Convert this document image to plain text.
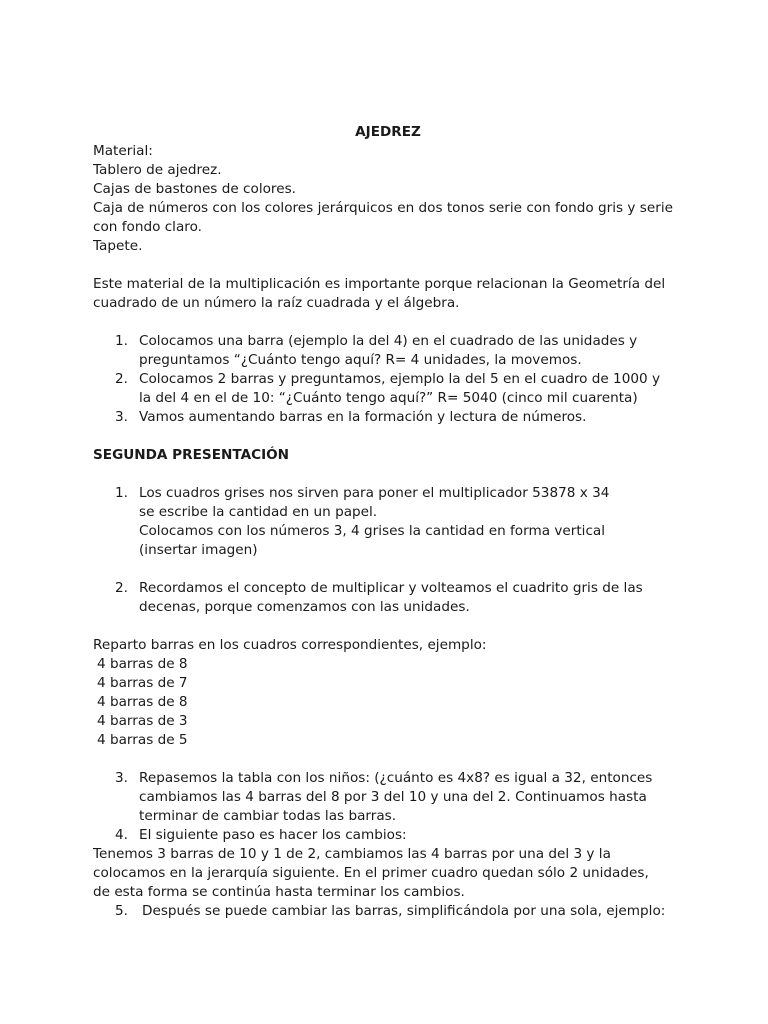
AJEDREZ
Material:
Tablero de ajedrez.
Cajas de bastones de colores.
Caja de números con los colores jerárquicos en dos tonos serie con fondo gris y serie
con fondo claro.
Tapete.
Este material de la multiplicación es importante porque relacionan la Geometría del
cuadrado de un número la raíz cuadrada y el álgebra.
1. Colocamos una barra (ejemplo la del 4) en el cuadrado de las unidades y
preguntamos “¿Cuánto tengo aquí? R= 4 unidades, la movemos.
2. Colocamos 2 barras y preguntamos, ejemplo la del 5 en el cuadro de 1000 y
la del 4 en el de 10: “¿Cuánto tengo aquí?” R= 5040 (cinco mil cuarenta)
3. Vamos aumentando barras en la formación y lectura de números.
SEGUNDA PRESENTACIÓN
1. Los cuadros grises nos sirven para poner el multiplicador 53878 x 34
se escribe la cantidad en un papel.
Colocamos con los números 3, 4 grises la cantidad en forma vertical
(insertar imagen)
2. Recordamos el concepto de multiplicar y volteamos el cuadrito gris de las
decenas, porque comenzamos con las unidades.
Reparto barras en los cuadros correspondientes, ejemplo:
4 barras de 8
4 barras de 7
4 barras de 8
4 barras de 3
4 barras de 5
3. Repasemos la tabla con los niños: (¿cuánto es 4x8? es igual a 32, entonces
cambiamos las 4 barras del 8 por 3 del 10 y una del 2. Continuamos hasta
terminar de cambiar todas las barras.
4. El siguiente paso es hacer los cambios:
Tenemos 3 barras de 10 y 1 de 2, cambiamos las 4 barras por una del 3 y la
colocamos en la jerarquía siguiente. En el primer cuadro quedan sólo 2 unidades,
de esta forma se continúa hasta terminar los cambios.
5. Después se puede cambiar las barras, simplificándola por una sola, ejemplo:
